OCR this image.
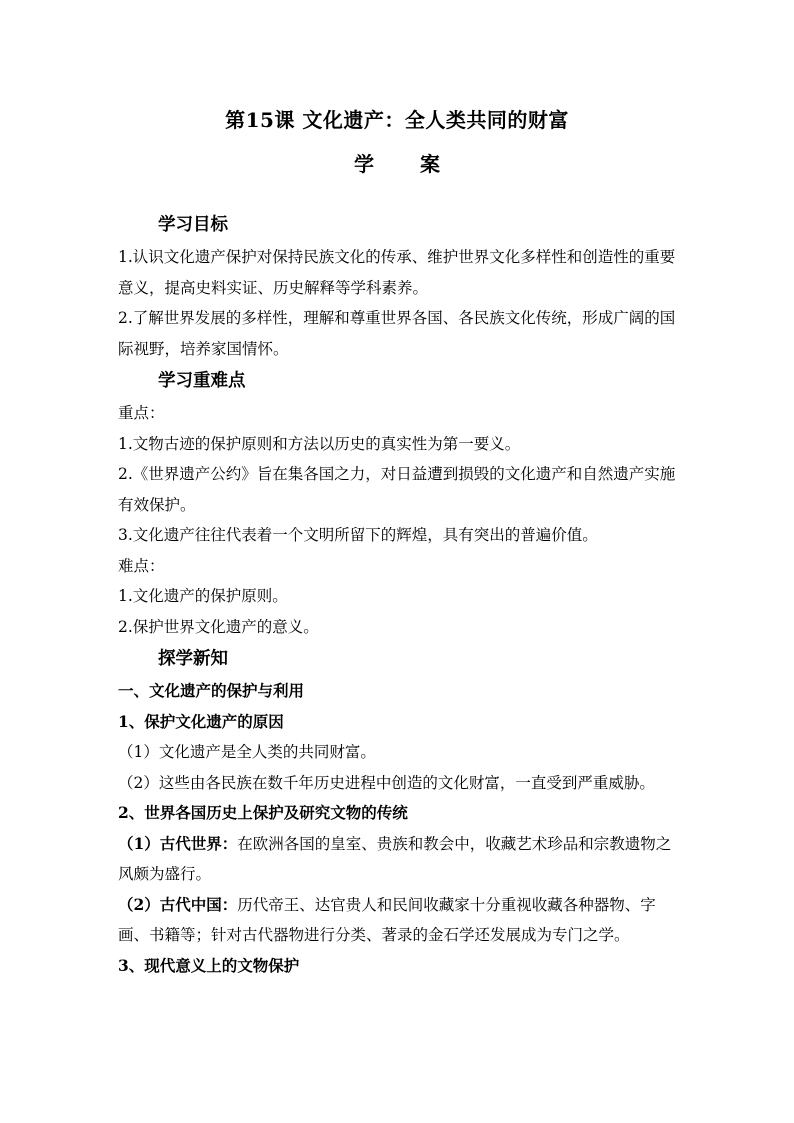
第15课 文化遗产：全人类共同的财富
学 案
学习目标

1.认识文化遗产保护对保持民族文化的传承、维护世界文化多样性和创造性的重要意义，提高史料实证、历史解释等学科素养。

2.了解世界发展的多样性，理解和尊重世界各国、各民族文化传统，形成广阔的国际视野，培养家国情怀。

学习重难点

重点：

1.文物古迹的保护原则和方法以历史的真实性为第一要义。

2.《世界遗产公约》旨在集各国之力，对日益遭到损毁的文化遗产和自然遗产实施有效保护。

3.文化遗产往往代表着一个文明所留下的辉煌，具有突出的普遍价值。

难点：

1.文化遗产的保护原则。

2.保护世界文化遗产的意义。

探学新知

一、文化遗产的保护与利用

1、保护文化遗产的原因

（1）文化遗产是全人类的共同财富。

（2）这些由各民族在数千年历史进程中创造的文化财富，一直受到严重威胁。

2、世界各国历史上保护及研究文物的传统

（1）古代世界：在欧洲各国的皇室、贵族和教会中，收藏艺术珍品和宗教遗物之风颇为盛行。

（2）古代中国：历代帝王、达官贵人和民间收藏家十分重视收藏各种器物、字画、书籍等；针对古代器物进行分类、著录的金石学还发展成为专门之学。

3、现代意义上的文物保护
